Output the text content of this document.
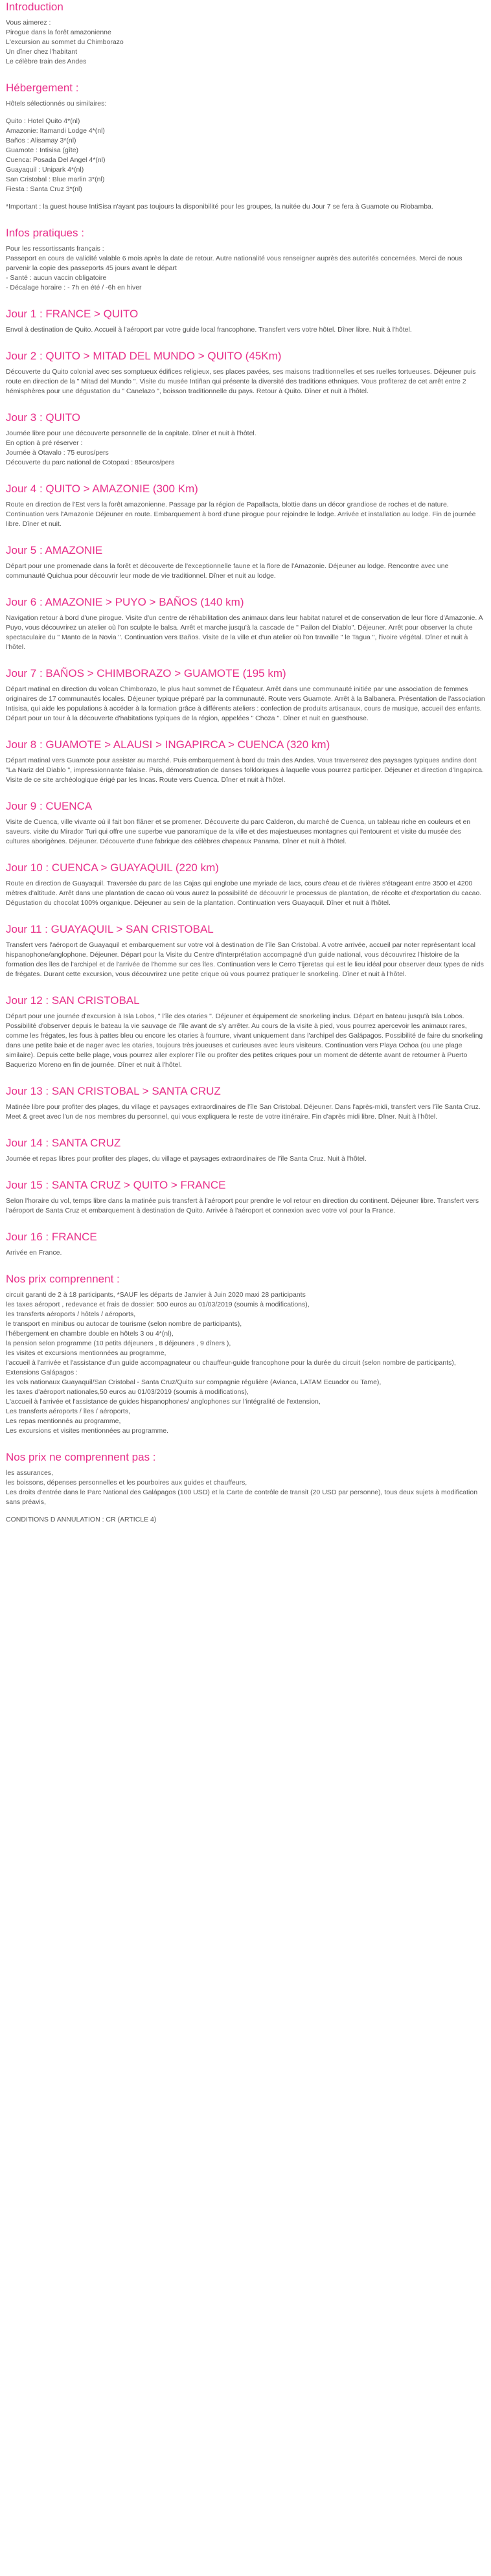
Introduction

Vous aimerez :

Pirogue dans la forêt amazonienne

L'excursion au sommet du Chimborazo

Un dîner chez l'habitant

Le célèbre train des Andes

Hébergement :

Hôtels sélectionnés ou similaires:

Quito : Hotel Quito 4*(nl)

Amazonie: Itamandi Lodge 4*(nl)

Baños : Alisamay 3*(nl)

Guamote : Intisisa (gîte)

Cuenca: Posada Del Angel 4*(nl)

Guayaquil : Unipark 4*(nl)

San Cristobal : Blue marlin 3*(nl)

Fiesta : Santa Cruz 3*(nl)

*Important : la guest house IntiSisa n'ayant pas toujours la disponibilité pour les groupes, la nuitée du Jour 7 se fera à Guamote ou Riobamba.

Infos pratiques :

Pour les ressortissants français :

Passeport en cours de validité valable 6 mois après la date de retour. Autre nationalité vous renseigner auprès des autorités concernées. Merci de nous parvenir la copie des passeports 45 jours avant le départ

- Santé : aucun vaccin obligatoire

- Décalage horaire : - 7h en été / -6h en hiver

Jour 1 : FRANCE > QUITO

Envol à destination de Quito. Accueil à l'aéroport par votre guide local francophone. Transfert vers votre hôtel. Dîner libre. Nuit à l'hôtel.

Jour 2 : QUITO > MITAD DEL MUNDO > QUITO (45Km)

Découverte du Quito colonial avec ses somptueux édifices religieux, ses places pavées, ses maisons traditionnelles et ses ruelles tortueuses. Déjeuner puis route en direction de la " Mitad del Mundo ". Visite du musée Intiñan qui présente la diversité des traditions ethniques. Vous profiterez de cet arrêt entre 2 hémisphères pour une dégustation du " Canelazo ", boisson traditionnelle du pays. Retour à Quito. Dîner et nuit à l'hôtel.

Jour 3 : QUITO

Journée libre pour une découverte personnelle de la capitale. Dîner et nuit à l'hôtel.

En option à pré réserver :

Journée à Otavalo : 75 euros/pers

Découverte du parc national de Cotopaxi : 85euros/pers

Jour 4 : QUITO > AMAZONIE (300 Km)

Route en direction de l'Est vers la forêt amazonienne. Passage par la région de Papallacta, blottie dans un décor grandiose de roches et de nature. Continuation vers l'Amazonie Déjeuner en route. Embarquement à bord d'une pirogue pour rejoindre le lodge. Arrivée et installation au lodge. Fin de journée libre. Dîner et nuit.

Jour 5 : AMAZONIE

Départ pour une promenade dans la forêt et découverte de l'exceptionnelle faune et la flore de l'Amazonie. Déjeuner au lodge. Rencontre avec une communauté Quichua pour découvrir leur mode de vie traditionnel. Dîner et nuit au lodge.

Jour 6 : AMAZONIE > PUYO > BAÑOS (140 km)

Navigation retour à bord d'une pirogue. Visite d'un centre de réhabilitation des animaux dans leur habitat naturel et de conservation de leur flore d'Amazonie. A Puyo, vous découvrirez un atelier où l'on sculpte le balsa. Arrêt et marche jusqu'à la cascade de " Pailon del Diablo". Déjeuner. Arrêt pour observer la chute spectaculaire du " Manto de la Novia ". Continuation vers Baños. Visite de la ville et d'un atelier où l'on travaille " le Tagua ", l'ivoire végétal. Dîner et nuit à l'hôtel.

Jour 7 : BAÑOS > CHIMBORAZO > GUAMOTE (195 km)

Départ matinal en direction du volcan Chimborazo, le plus haut sommet de l'Équateur. Arrêt dans une communauté initiée par une association de femmes originaires de 17 communautés locales. Déjeuner typique préparé par la communauté. Route vers Guamote. Arrêt à la Balbanera. Présentation de l'association Intisisa, qui aide les populations à accéder à la formation grâce à différents ateliers : confection de produits artisanaux, cours de musique, accueil des enfants. Départ pour un tour à la découverte d'habitations typiques de la région, appelées " Choza ". Dîner et nuit en guesthouse.

Jour 8 : GUAMOTE > ALAUSI > INGAPIRCA > CUENCA (320 km)

Départ matinal vers Guamote pour assister au marché. Puis embarquement à bord du train des Andes. Vous traverserez des paysages typiques andins dont "La Nariz del Diablo ", impressionnante falaise. Puis, démonstration de danses folkloriques à laquelle vous pourrez participer. Déjeuner et direction d'Ingapirca. Visite de ce site archéologique érigé par les Incas. Route vers Cuenca. Dîner et nuit à l'hôtel.

Jour 9 : CUENCA

Visite de Cuenca, ville vivante où il fait bon flâner et se promener. Découverte du parc Calderon, du marché de Cuenca, un tableau riche en couleurs et en saveurs. visite du Mirador Turi qui offre une superbe vue panoramique de la ville et des majestueuses montagnes qui l'entourent et visite du musée des cultures aborigènes. Déjeuner. Découverte d'une fabrique des célèbres chapeaux Panama. Dîner et nuit à l'hôtel.

Jour 10 : CUENCA > GUAYAQUIL (220 km)

Route en direction de Guayaquil. Traversée du parc de las Cajas qui englobe une myriade de lacs, cours d'eau et de rivières s'étageant entre 3500 et 4200 mètres d'altitude. Arrêt dans une plantation de cacao où vous aurez la possibilité de découvrir le processus de plantation, de récolte et d'exportation du cacao. Dégustation du chocolat 100% organique. Déjeuner au sein de la plantation. Continuation vers Guayaquil. Dîner et nuit à l'hôtel.

Jour 11 : GUAYAQUIL > SAN CRISTOBAL

Transfert vers l'aéroport de Guayaquil et embarquement sur votre vol à destination de l'île San Cristobal. A votre arrivée, accueil par noter représentant local hispanophone/anglophone. Déjeuner. Départ pour la Visite du Centre d'Interprétation accompagné d'un guide national, vous découvrirez l'histoire de la formation des îles de l'archipel et de l'arrivée de l'homme sur ces îles. Continuation vers le Cerro Tijeretas qui est le lieu idéal pour observer deux types de nids de frégates. Durant cette excursion, vous découvrirez une petite crique où vous pourrez pratiquer le snorkeling. Dîner et nuit à l'hôtel.

Jour 12 : SAN CRISTOBAL

Départ pour une journée d'excursion à Isla Lobos, " l'île des otaries ". Déjeuner et équipement de snorkeling inclus. Départ en bateau jusqu'à Isla Lobos. Possibilité d'observer depuis le bateau la vie sauvage de l'île avant de s'y arrêter. Au cours de la visite à pied, vous pourrez apercevoir les animaux rares, comme les frégates, les fous à pattes bleu ou encore les otaries à fourrure, vivant uniquement dans l'archipel des Galápagos. Possibilité de faire du snorkeling dans une petite baie et de nager avec les otaries, toujours très joueuses et curieuses avec leurs visiteurs. Continuation vers Playa Ochoa (ou une plage similaire). Depuis cette belle plage, vous pourrez aller explorer l'île ou profiter des petites criques pour un moment de détente avant de retourner à Puerto Baquerizo Moreno en fin de journée. Dîner et nuit à l'hôtel.

Jour 13 : SAN CRISTOBAL > SANTA CRUZ

Matinée libre pour profiter des plages, du village et paysages extraordinaires de l'île San Cristobal. Déjeuner. Dans l'après-midi, transfert vers l'île Santa Cruz. Meet & greet avec l'un de nos membres du personnel, qui vous expliquera le reste de votre itinéraire. Fin d'après midi libre. Dîner. Nuit à l'hôtel.

Jour 14 : SANTA CRUZ

Journée et repas libres pour profiter des plages, du village et paysages extraordinaires de l'île Santa Cruz. Nuit à l'hôtel.

Jour 15 : SANTA CRUZ > QUITO > FRANCE

Selon l'horaire du vol, temps libre dans la matinée puis transfert à l'aéroport pour prendre le vol retour en direction du continent. Déjeuner libre. Transfert vers l'aéroport de Santa Cruz et embarquement à destination de Quito. Arrivée à l'aéroport et connexion avec votre vol pour la France.

Jour 16 : FRANCE

Arrivée en France.

Nos prix comprennent :

circuit garanti de 2 à 18 participants, *SAUF les départs de Janvier à Juin 2020 maxi 28 participants

les taxes aéroport , redevance et frais de dossier: 500 euros au 01/03/2019 (soumis à modifications),

les transferts aéroports / hôtels / aéroports,

le transport en minibus ou autocar de tourisme (selon nombre de participants),

l'hébergement en chambre double en hôtels 3 ou 4*(nl),

la pension selon programme (10 petits déjeuners , 8 déjeuners , 9 dîners ),

les visites et excursions mentionnées au programme,

l'accueil à l'arrivée et l'assistance d'un guide accompagnateur ou chauffeur-guide francophone pour la durée du circuit (selon nombre de participants),

Extensions Galápagos :

les vols nationaux Guayaquil/San Cristobal - Santa Cruz/Quito sur compagnie régulière (Avianca, LATAM Ecuador ou Tame),

les taxes d'aéroport nationales,50 euros au 01/03/2019 (soumis à modifications),

L'accueil à l'arrivée et l'assistance de guides hispanophones/ anglophones sur l'intégralité de l'extension,

Les transferts aéroports / îles / aéroports,

Les repas mentionnés au programme,

Les excursions et visites mentionnées au programme.

Nos prix ne comprennent pas :

les assurances,

les boissons, dépenses personnelles et les pourboires aux guides et chauffeurs,

Les droits d'entrée dans le Parc National des Galápagos (100 USD) et la Carte de contrôle de transit (20 USD par personne), tous deux sujets à modification sans préavis,

CONDITIONS D ANNULATION : CR (ARTICLE 4)
